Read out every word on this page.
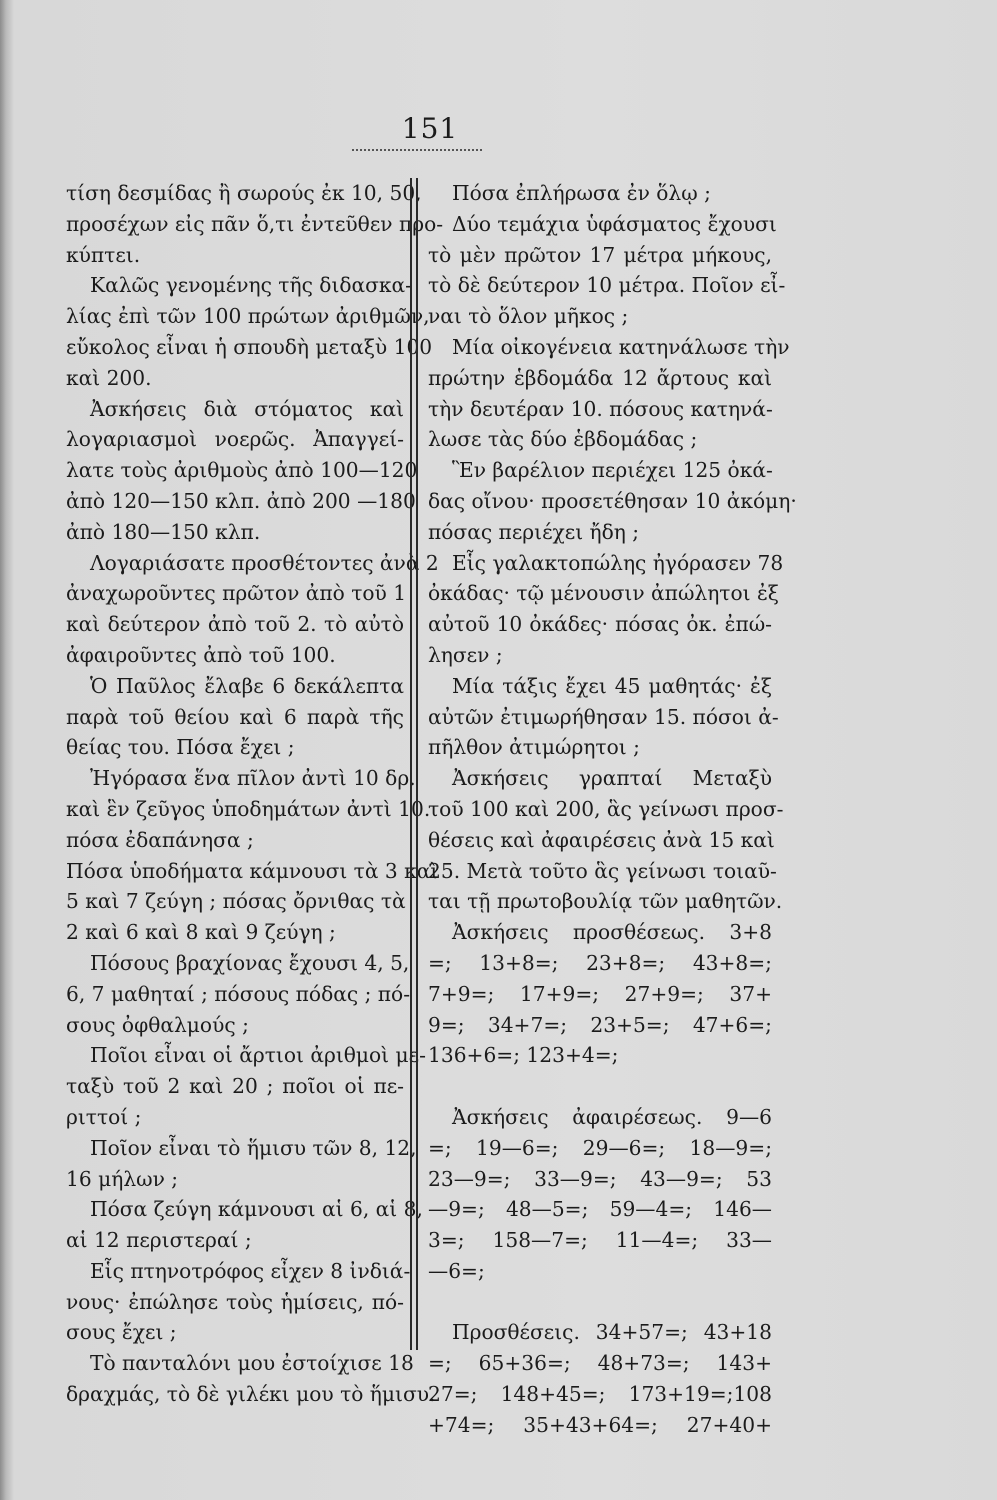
151
τίση δεσμίδας ἢ σωρούς ἐκ 10, 50,
προσέχων εἰς πᾶν ὅ,τι ἐντεῦθεν προ-
κύπτει.
Καλῶς γενομένης τῆς διδασκα-
λίας ἐπὶ τῶν 100 πρώτων ἀριθμῶν,
εὔκολος εἶναι ἡ σπουδὴ μεταξὺ 100
καὶ 200.
Ἀσκήσεις διὰ στόματος καὶ
λογαριασμοὶ νοερῶς. Ἀπαγγεί-
λατε τοὺς ἀριθμοὺς ἀπὸ 100—120
ἀπὸ 120—150 κλπ. ἀπὸ 200 —180
ἀπὸ 180—150 κλπ.
Λογαριάσατε προσθέτοντες ἀνὰ 2
ἀναχωροῦντες πρῶτον ἀπὸ τοῦ 1
καὶ δεύτερον ἀπὸ τοῦ 2. τὸ αὐτὸ
ἀφαιροῦντες ἀπὸ τοῦ 100.
Ὁ Παῦλος ἔλαβε 6 δεκάλεπτα
παρὰ τοῦ θείου καὶ 6 παρὰ τῆς
θείας του. Πόσα ἔχει ;
Ἠγόρασα ἕνα πῖλον ἀντὶ 10 δρ.
καὶ ἓν ζεῦγος ὑποδημάτων ἀντὶ 10.
πόσα ἐδαπάνησα ;
Πόσα ὑποδήματα κάμνουσι τὰ 3 καὶ
5 καὶ 7 ζεύγη ; πόσας ὄρνιθας τὰ
2 καὶ 6 καὶ 8 καὶ 9 ζεύγη ;
Πόσους βραχίονας ἔχουσι 4, 5,
6, 7 μαθηταί ; πόσους πόδας ; πό-
σους ὀφθαλμούς ;
Ποῖοι εἶναι οἱ ἄρτιοι ἀριθμοὶ με-
ταξὺ τοῦ 2 καὶ 20 ; ποῖοι οἱ πε-
ριττοί ;
Ποῖον εἶναι τὸ ἥμισυ τῶν 8, 12,
16 μήλων ;
Πόσα ζεύγη κάμνουσι αἱ 6, αἱ 8,
αἱ 12 περιστεραί ;
Εἷς πτηνοτρόφος εἶχεν 8 ἰνδιά-
νους· ἐπώλησε τοὺς ἡμίσεις, πό-
σους ἔχει ;
Τὸ πανταλόνι μου ἐστοίχισε 18
δραχμάς, τὸ δὲ γιλέκι μου τὸ ἥμισυ.
Πόσα ἐπλήρωσα ἐν ὅλῳ ;
Δύο τεμάχια ὑφάσματος ἔχουσι
τὸ μὲν πρῶτον 17 μέτρα μήκους,
τὸ δὲ δεύτερον 10 μέτρα. Ποῖον εἶ-
ναι τὸ ὅλον μῆκος ;
Μία οἰκογένεια κατηνάλωσε τὴν
πρώτην ἑβδομάδα 12 ἄρτους καὶ
τὴν δευτέραν 10. πόσους κατηνά-
λωσε τὰς δύο ἑβδομάδας ;
Ἓν βαρέλιον περιέχει 125 ὀκά-
δας οἴνου· προσετέθησαν 10 ἀκόμη·
πόσας περιέχει ἤδη ;
Εἷς γαλακτοπώλης ἠγόρασεν 78
ὀκάδας· τῷ μένουσιν ἀπώλητοι ἐξ
αὐτοῦ 10 ὀκάδες· πόσας ὀκ. ἐπώ-
λησεν ;
Μία τάξις ἔχει 45 μαθητάς· ἐξ
αὐτῶν ἐτιμωρήθησαν 15. πόσοι ἀ-
πῆλθον ἀτιμώρητοι ;
Ἀσκήσεις γραπταί Μεταξὺ
τοῦ 100 καὶ 200, ἃς γείνωσι προσ-
θέσεις καὶ ἀφαιρέσεις ἀνὰ 15 καὶ
25. Μετὰ τοῦτο ἃς γείνωσι τοιαῦ-
ται τῇ πρωτοβουλίᾳ τῶν μαθητῶν.
Ἀσκήσεις προσθέσεως. 3+8
=; 13+8=; 23+8=; 43+8=;
7+9=; 17+9=; 27+9=; 37+
9=; 34+7=; 23+5=; 47+6=;
136+6=; 123+4=;
Ἀσκήσεις ἀφαιρέσεως. 9—6
=; 19—6=; 29—6=; 18—9=;
23—9=; 33—9=; 43—9=; 53
—9=; 48—5=; 59—4=; 146—
3=; 158—7=; 11—4=; 33—
—6=;
Προσθέσεις. 34+57=; 43+18
=; 65+36=; 48+73=; 143+
27=; 148+45=; 173+19=;108
+74=; 35+43+64=; 27+40+
